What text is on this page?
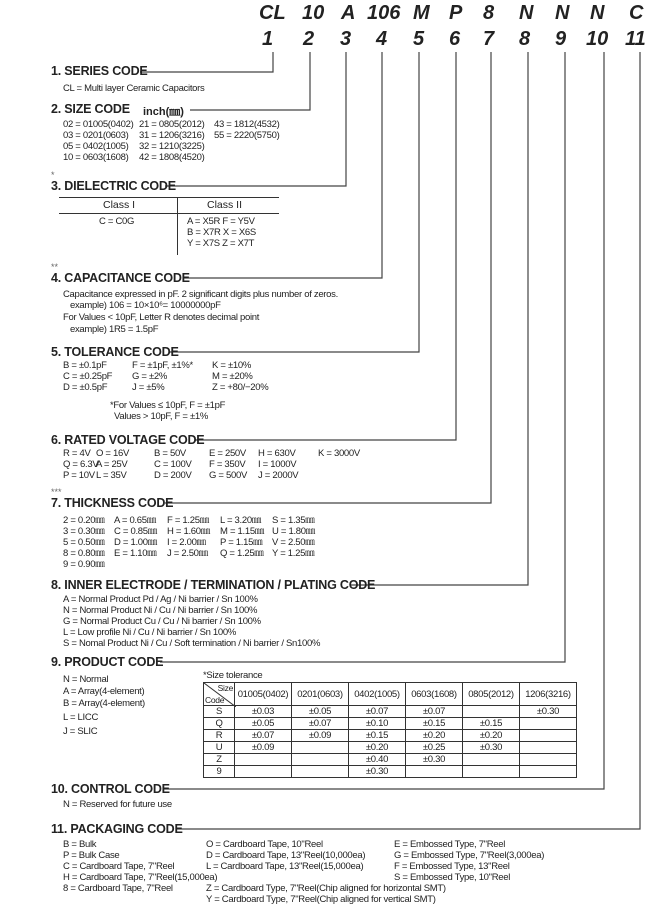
CL 10 A 106 M P 8 N N N C
1 2 3 4 5 6 7 8 9 10 11
1. SERIES CODE
CL = Multi layer Ceramic Capacitors
2. SIZE CODE inch(㎜)
02 = 01005(0402)
03 = 0201(0603)
05 = 0402(1005)
10 = 0603(1608)
21 = 0805(2012)
31 = 1206(3216)
32 = 1210(3225)
42 = 1808(4520)
43 = 1812(4532)
55 = 2220(5750)
*
3. DIELECTRIC CODE
Class I	Class II
C = C0G	A = X5R F = Y5V
B = X7R X = X6S
Y = X7S Z = X7T
**
4. CAPACITANCE CODE
Capacitance expressed in pF. 2 significant digits plus number of zeros.
example) 106 = 10×10⁶= 10000000pF
For Values < 10pF, Letter R denotes decimal point
example) 1R5 = 1.5pF
5. TOLERANCE CODE
B = ±0.1pF
C = ±0.25pF
D = ±0.5pF
F = ±1pF, ±1%*
G = ±2%
J = ±5%
K = ±10%
M = ±20%
Z = +80/−20%
*For Values ≤ 10pF, F = ±1pF
Values > 10pF, F = ±1%
6. RATED VOLTAGE CODE
R = 4V
Q = 6.3V
P = 10V
O = 16V
A = 25V
L = 35V
B = 50V
C = 100V
D = 200V
E = 250V
F = 350V
G = 500V
H = 630V
I = 1000V
J = 2000V
K = 3000V
***
7. THICKNESS CODE
2 = 0.20㎜
3 = 0.30㎜
5 = 0.50㎜
8 = 0.80㎜
9 = 0.90㎜
A = 0.65㎜
C = 0.85㎜
D = 1.00㎜
E = 1.10㎜
F = 1.25㎜
H = 1.60㎜
I = 2.00㎜
J = 2.50㎜
L = 3.20㎜
M = 1.15㎜
P = 1.15㎜
Q = 1.25㎜
S = 1.35㎜
U = 1.80㎜
V = 2.50㎜
Y = 1.25㎜
8. INNER ELECTRODE / TERMINATION / PLATING CODE
A = Normal Product Pd / Ag / Ni barrier / Sn 100%
N = Normal Product Ni / Cu / Ni barrier / Sn 100%
G = Normal Product Cu / Cu / Ni barrier / Sn 100%
L = Low profile Ni / Cu / Ni barrier / Sn 100%
S = Nomal Product Ni / Cu / Soft termination / Ni barrier / Sn100%
9. PRODUCT CODE
N = Normal
A = Array(4-element)
B = Array(4-element)
L = LICC
J = SLIC
*Size tolerance
Size
Code	01005(0402)	0201(0603)	0402(1005)	0603(1608)	0805(2012)	1206(3216)
S	±0.03	±0.05	±0.07	±0.07		±0.30
Q	±0.05	±0.07	±0.10	±0.15	±0.15	
R	±0.07	±0.09	±0.15	±0.20	±0.20	
U	±0.09		±0.20	±0.25	±0.30	
Z			±0.40	±0.30		
9			±0.30			
10. CONTROL CODE
N = Reserved for future use
11. PACKAGING CODE
B = Bulk
P = Bulk Case
C = Cardboard Tape, 7"Reel
H = Cardboard Tape, 7"Reel(15,000ea)
8 = Cardboard Tape, 7"Reel
O = Cardboard Tape, 10"Reel
D = Cardboard Tape, 13"Reel(10,000ea)
L = Cardboard Tape, 13"Reel(15,000ea)
Z = Cardboard Type, 7"Reel(Chip aligned for horizontal SMT)
Y = Cardboard Type, 7"Reel(Chip aligned for vertical SMT)
E = Embossed Type, 7"Reel
G = Embossed Type, 7"Reel(3,000ea)
F = Embossed Type, 13"Reel
S = Embossed Type, 10"Reel
